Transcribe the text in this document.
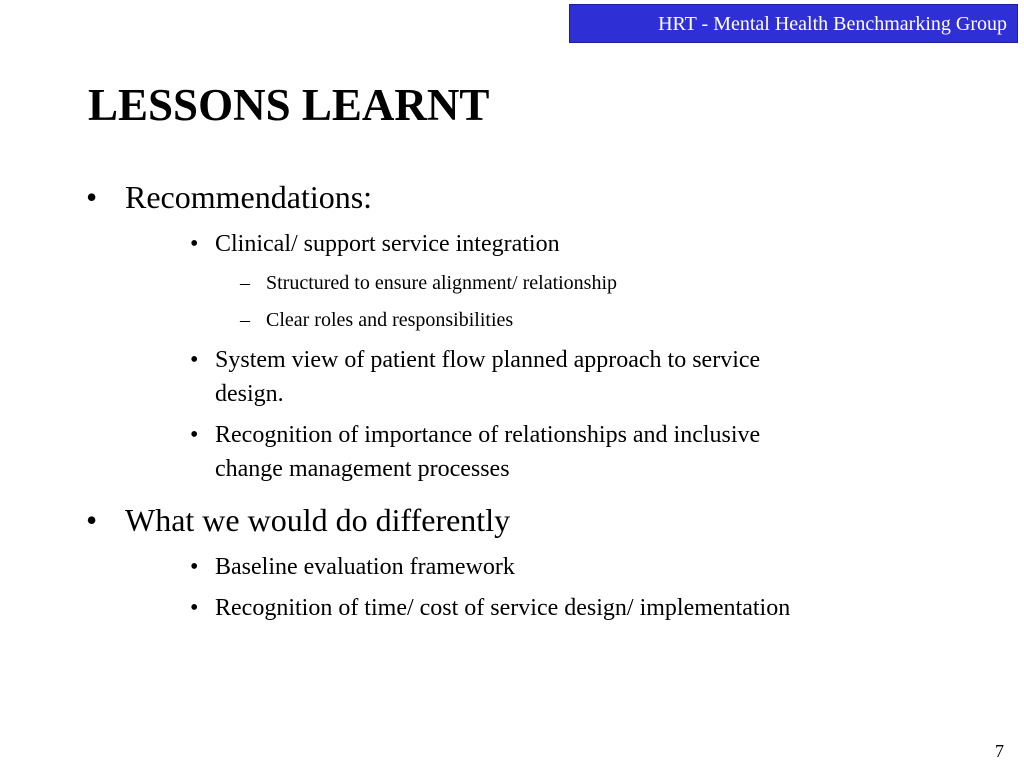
HRT - Mental Health Benchmarking Group
LESSONS LEARNT
• Recommendations:
• Clinical/ support service integration
– Structured to ensure alignment/ relationship
– Clear roles and responsibilities
• System view of patient flow planned approach to service
design.
• Recognition of importance of relationships and inclusive
change management processes
• What we would do differently
• Baseline evaluation framework
• Recognition of time/ cost of service design/ implementation
7
